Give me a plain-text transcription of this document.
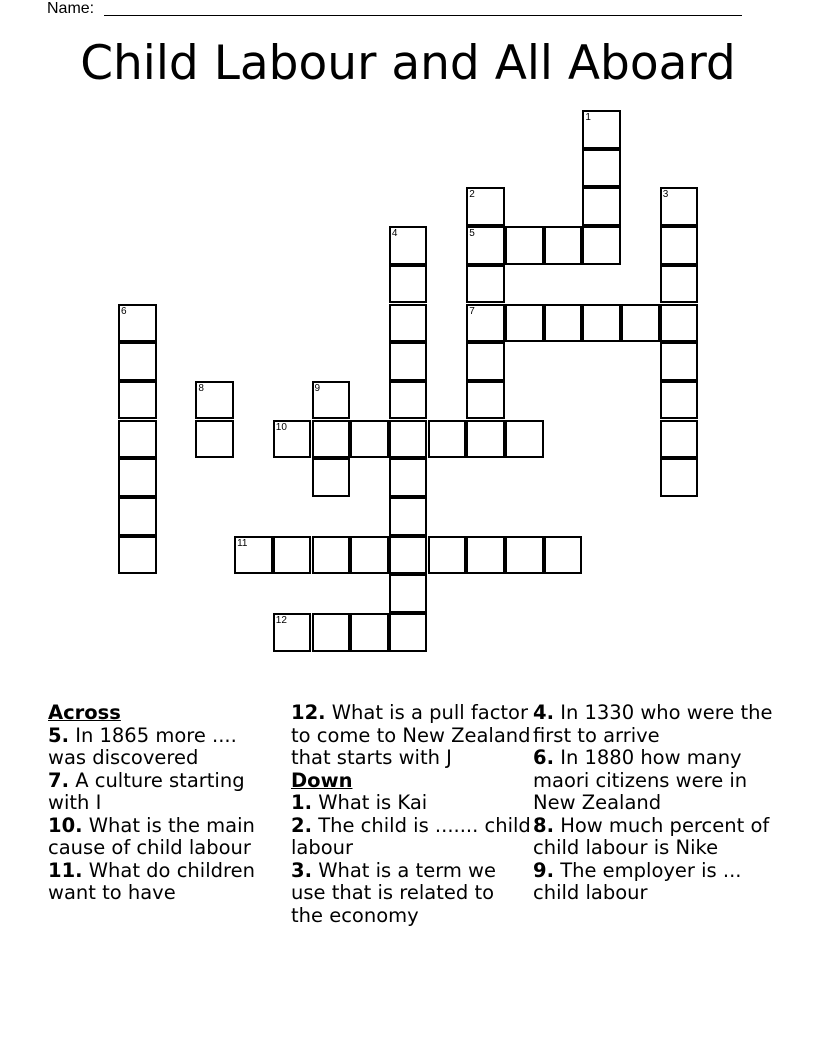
Name:
Child Labour and All Aboard
1
2
5
7
3
4
6
8	9
10
11
12
Across
5. In 1865 more .... was discovered
7. A culture starting with I
10. What is the main cause of child labour
11. What do children want to have
12. What is a pull factor to come to New Zealand that starts with J
Down
1. What is Kai
2. The child is ....... child labour
3. What is a term we use that is related to the economy
4. In 1330 who were the first to arrive
6. In 1880 how many maori citizens were in New Zealand
8. How much percent of child labour is Nike
9. The employer is ... child labour
